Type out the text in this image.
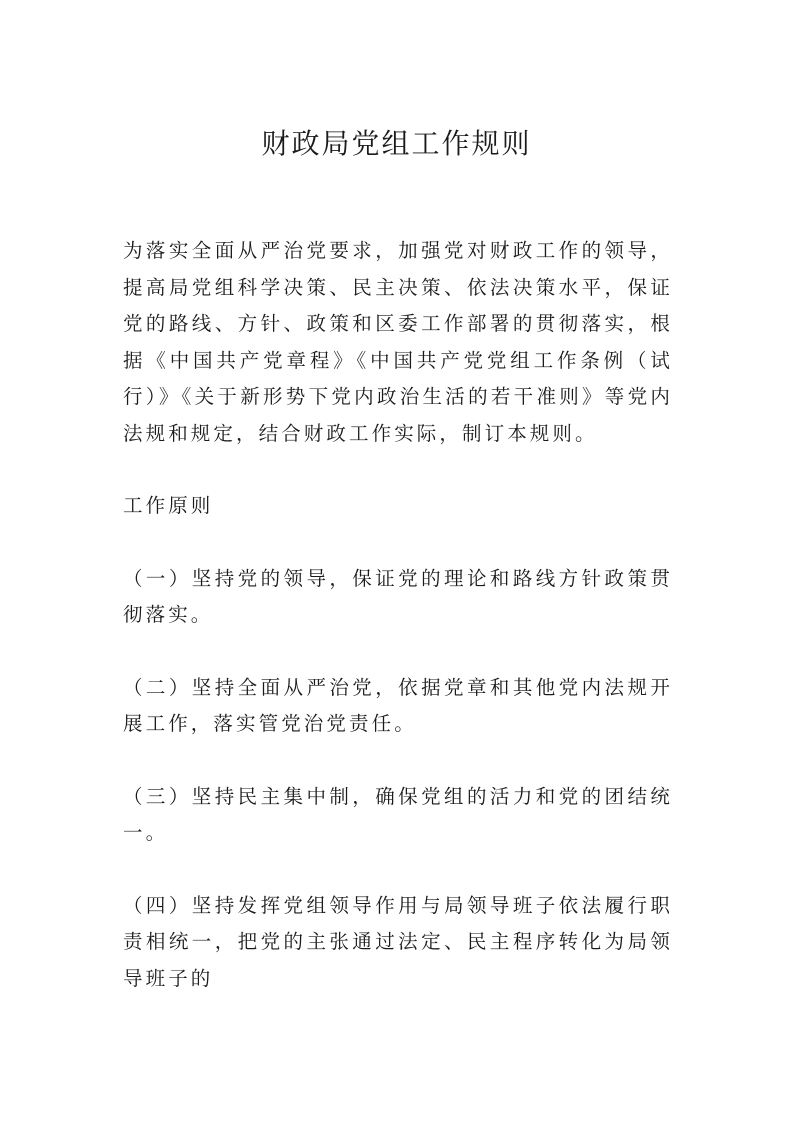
财政局党组工作规则

为落实全面从严治党要求，加强党对财政工作的领导，提高局党组科学决策、民主决策、依法决策水平，保证党的路线、方针、政策和区委工作部署的贯彻落实，根据《中国共产党章程》《中国共产党党组工作条例（试行）》《关于新形势下党内政治生活的若干准则》等党内法规和规定，结合财政工作实际，制订本规则。

工作原则

（一）坚持党的领导，保证党的理论和路线方针政策贯彻落实。

（二）坚持全面从严治党，依据党章和其他党内法规开展工作，落实管党治党责任。

（三）坚持民主集中制，确保党组的活力和党的团结统一。

（四）坚持发挥党组领导作用与局领导班子依法履行职责相统一，把党的主张通过法定、民主程序转化为局领导班子的
